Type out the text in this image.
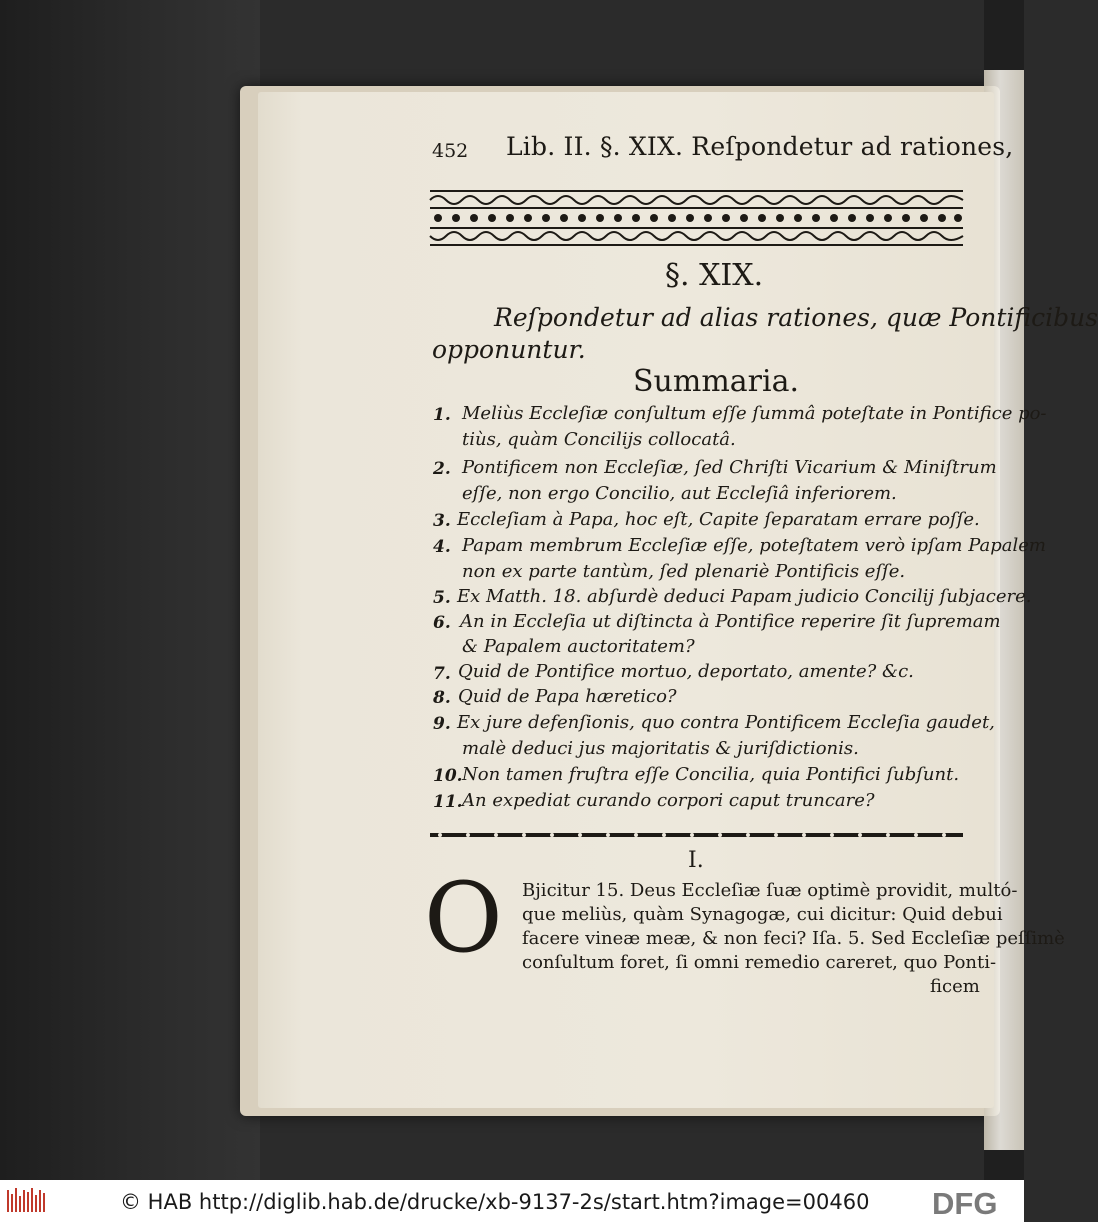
452 Lib. II. §. XIX. Reſpondetur ad rationes,
§. XIX.
Reſpondetur ad alias rationes, quæ Pontificibus
opponuntur.
Summaria.
1. Meliùs Eccleſiæ conſultum eſſe ſummâ poteſtate in Pontifice po-
tiùs, quàm Concilijs collocatâ.
2. Pontificem non Eccleſiæ, ſed Chriſti Vicarium & Miniſtrum
eſſe, non ergo Concilio, aut Eccleſiâ inferiorem.
3. Eccleſiam à Papa, hoc eſt, Capite ſeparatam errare poſſe.
4. Papam membrum Eccleſiæ eſſe, poteſtatem verò ipſam Papalem
non ex parte tantùm, ſed plenariè Pontificis eſſe.
5. Ex Matth. 18. abſurdè deduci Papam judicio Concilij ſubjacere.
6. An in Eccleſia ut diſtincta à Pontifice reperire ſit ſupremam
& Papalem auctoritatem?
7. Quid de Pontifice mortuo, deportato, amente? &c.
8. Quid de Papa hæretico?
9. Ex jure defenſionis, quo contra Pontificem Eccleſia gaudet,
malè deduci jus majoritatis & juriſdictionis.
10. Non tamen fruſtra eſſe Concilia, quia Pontifici ſubſunt.
11. An expediat curando corpori caput truncare?
I.
O Bjicitur 15. Deus Eccleſiæ ſuæ optimè providit, multó-
que meliùs, quàm Synagogæ, cui dicitur: Quid debui
facere vineæ meæ, & non feci? Iſa. 5. Sed Eccleſiæ peſſimè
conſultum foret, ſi omni remedio careret, quo Ponti-
ficem
HAB	© HAB http://diglib.hab.de/drucke/xb-9137-2s/start.htm?image=00460 DFG
